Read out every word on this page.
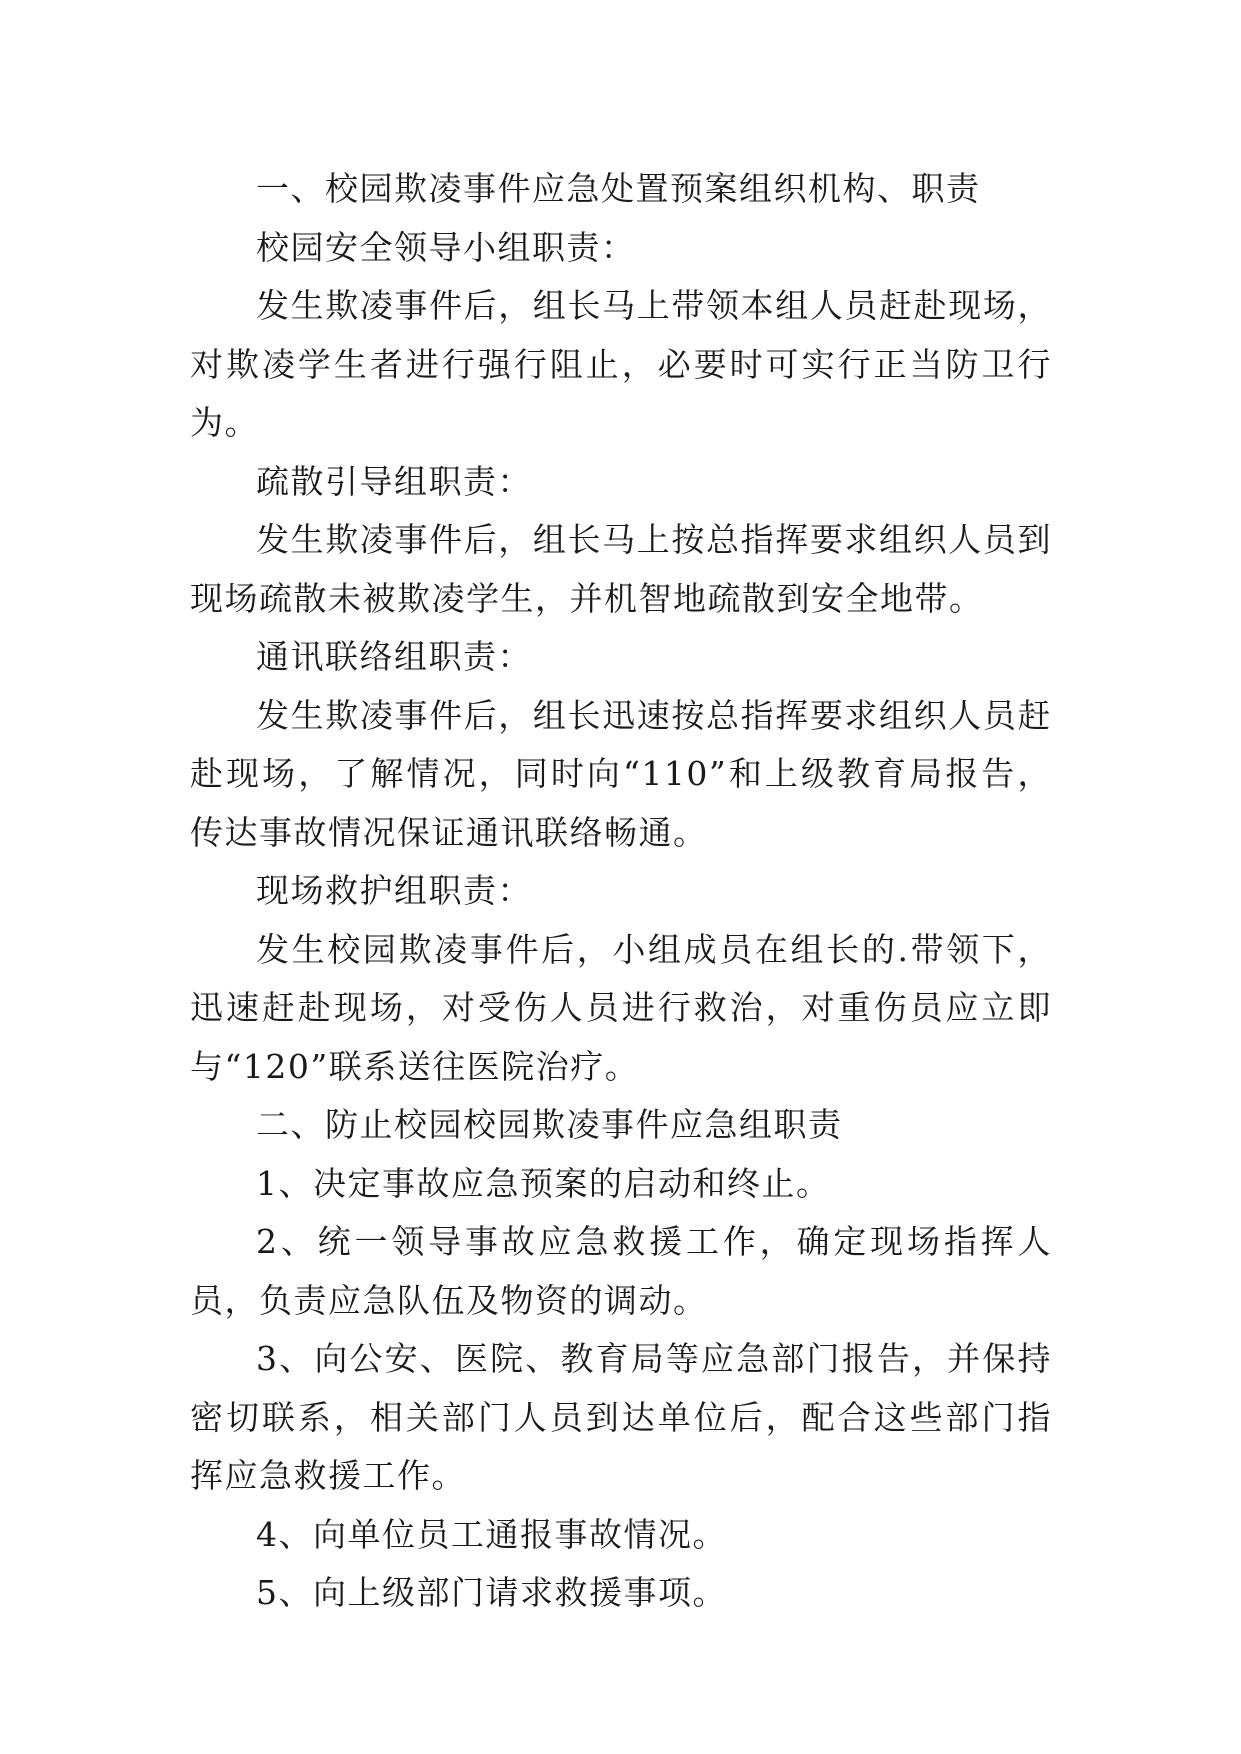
一、校园欺凌事件应急处置预案组织机构、职责

校园安全领导小组职责：

发生欺凌事件后，组长马上带领本组人员赶赴现场，对欺凌学生者进行强行阻止，必要时可实行正当防卫行为。

疏散引导组职责：

发生欺凌事件后，组长马上按总指挥要求组织人员到现场疏散未被欺凌学生，并机智地疏散到安全地带。

通讯联络组职责：

发生欺凌事件后，组长迅速按总指挥要求组织人员赶赴现场，了解情况，同时向“110”和上级教育局报告，传达事故情况保证通讯联络畅通。

现场救护组职责：

发生校园欺凌事件后，小组成员在组长的.带领下，迅速赶赴现场，对受伤人员进行救治，对重伤员应立即与“120”联系送往医院治疗。

二、防止校园校园欺凌事件应急组职责

1、决定事故应急预案的启动和终止。

2、统一领导事故应急救援工作，确定现场指挥人员，负责应急队伍及物资的调动。

3、向公安、医院、教育局等应急部门报告，并保持密切联系，相关部门人员到达单位后，配合这些部门指挥应急救援工作。

4、向单位员工通报事故情况。

5、向上级部门请求救援事项。
